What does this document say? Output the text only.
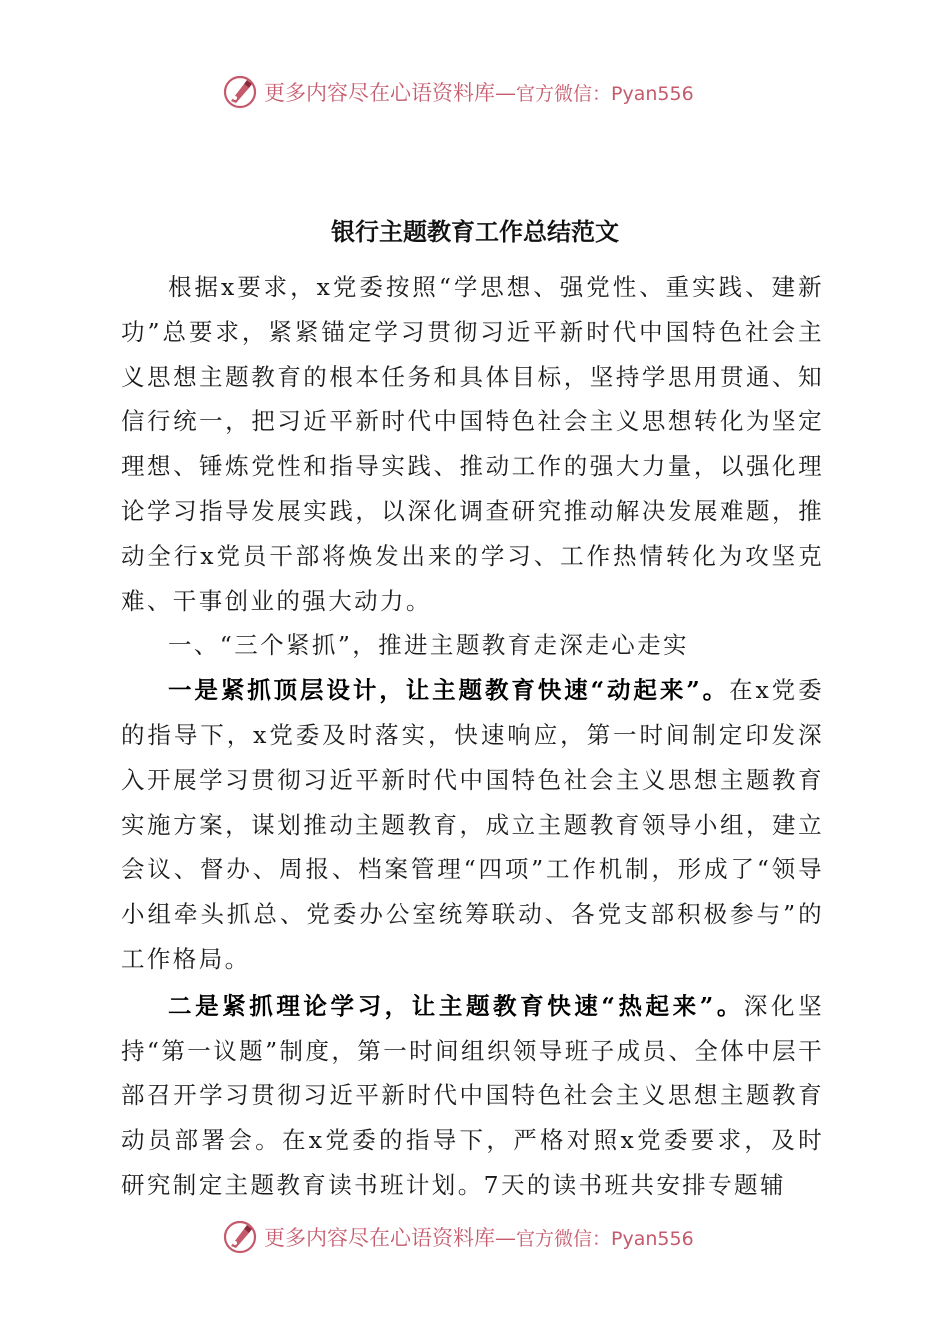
更多内容尽在心语资料库— 官方微信：Pyan556
银行主题教育工作总结范文

根据x要求，x党委按照“学思想、强党性、重实践、建新功”总要求，紧紧锚定学习贯彻习近平新时代中国特色社会主义思想主题教育的根本任务和具体目标，坚持学思用贯通、知信行统一，把习近平新时代中国特色社会主义思想转化为坚定理想、锤炼党性和指导实践、推动工作的强大力量，以强化理论学习指导发展实践，以深化调查研究推动解决发展难题，推动全行x党员干部将焕发出来的学习、工作热情转化为攻坚克难、干事创业的强大动力。

一、“三个紧抓”，推进主题教育走深走心走实

一是紧抓顶层设计，让主题教育快速“动起来”。在x党委的指导下，x党委及时落实，快速响应，第一时间制定印发深入开展学习贯彻习近平新时代中国特色社会主义思想主题教育实施方案，谋划推动主题教育，成立主题教育领导小组，建立会议、督办、周报、档案管理“四项”工作机制，形成了“领导小组牵头抓总、党委办公室统筹联动、各党支部积极参与”的工作格局。

二是紧抓理论学习，让主题教育快速“热起来”。深化坚持“第一议题”制度，第一时间组织领导班子成员、全体中层干部召开学习贯彻习近平新时代中国特色社会主义思想主题教育动员部署会。在x党委的指导下，严格对照x党委要求，及时研究制定主题教育读书班计划。7天的读书班共安排专题辅

更多内容尽在心语资料库— 官方微信：Pyan556
